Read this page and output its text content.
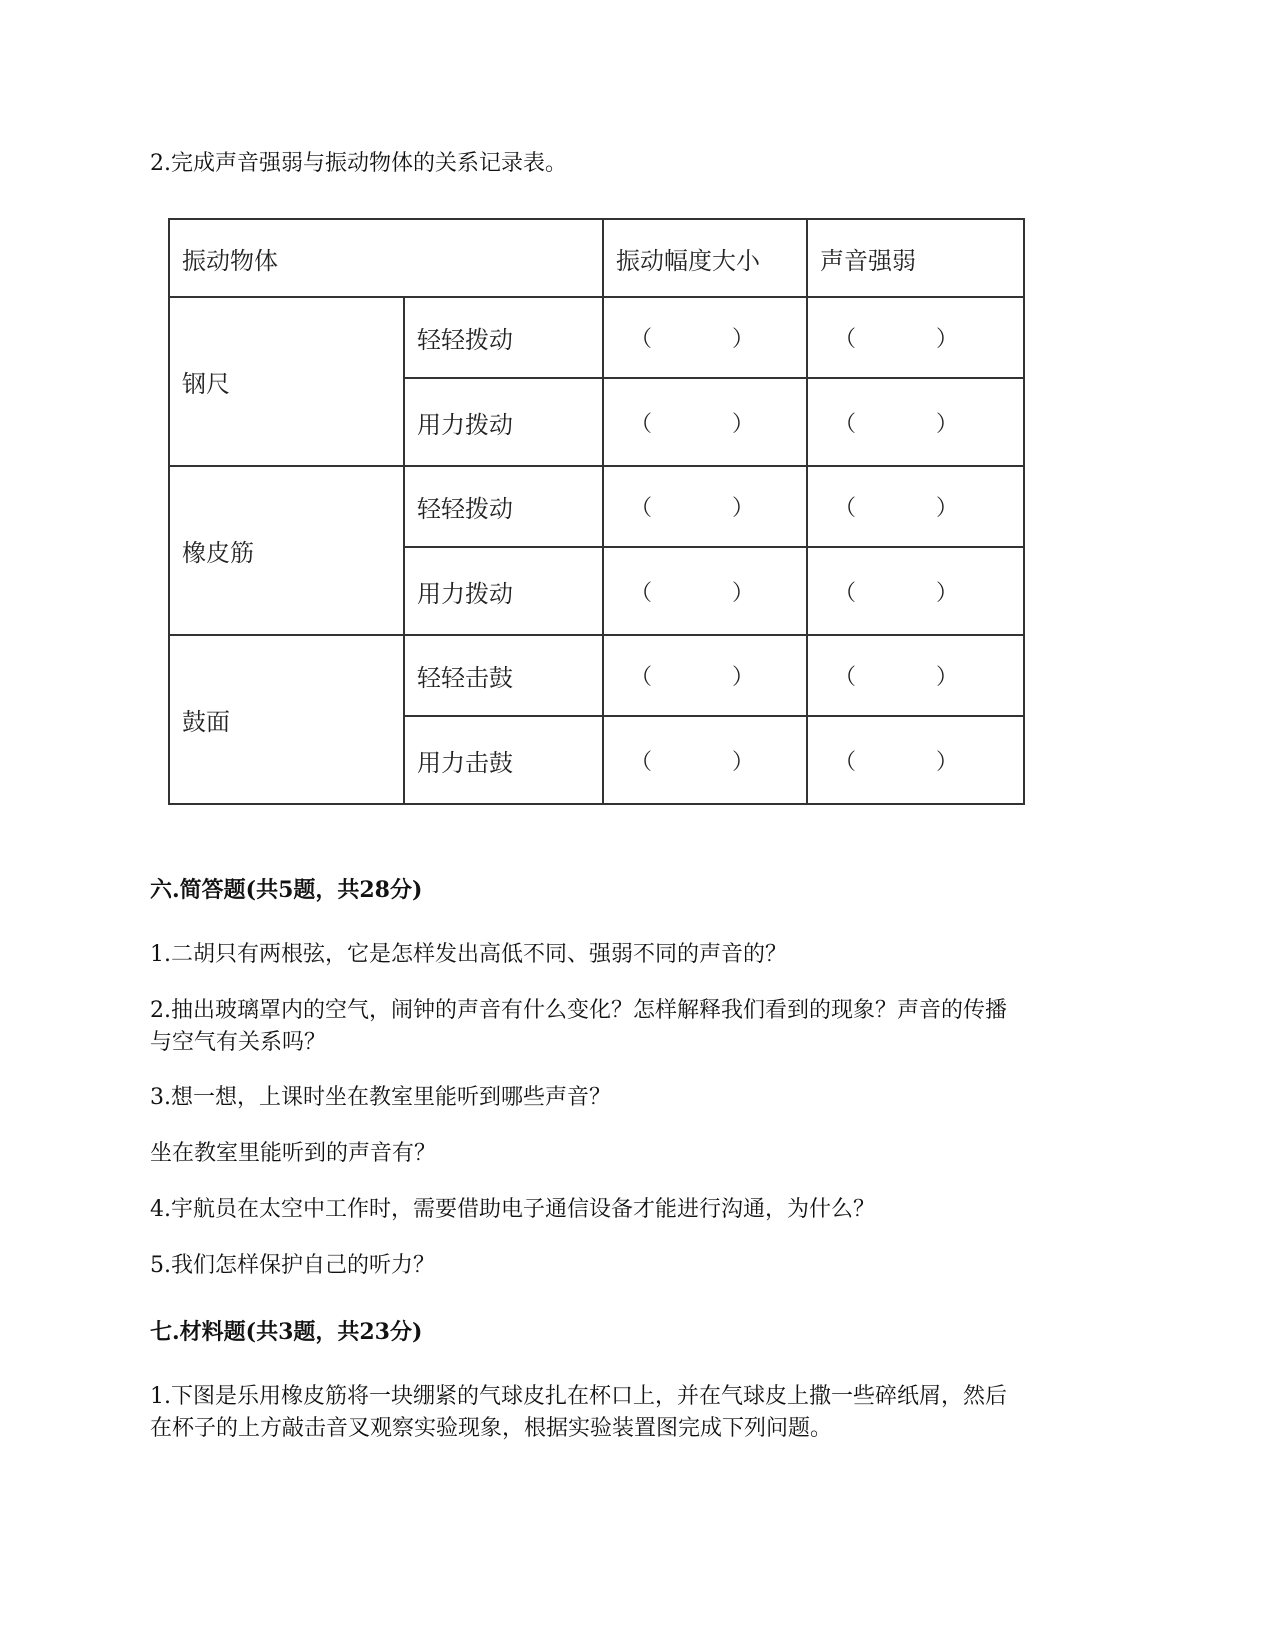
2.完成声音强弱与振动物体的关系记录表。
振动物体		振动幅度大小	声音强弱
钢尺	轻轻拨动	（ ）	（ ）
	用力拨动	（ ）	（ ）
橡皮筋	轻轻拨动	（ ）	（ ）
	用力拨动	（ ）	（ ）
鼓面	轻轻击鼓	（ ）	（ ）
	用力击鼓	（ ）	（ ）
六.简答题(共5题，共28分)
1.二胡只有两根弦，它是怎样发出高低不同、强弱不同的声音的？
2.抽出玻璃罩内的空气，闹钟的声音有什么变化？怎样解释我们看到的现象？声音的传播
与空气有关系吗？
3.想一想，上课时坐在教室里能听到哪些声音？
坐在教室里能听到的声音有？
4.宇航员在太空中工作时，需要借助电子通信设备才能进行沟通，为什么？
5.我们怎样保护自己的听力？
七.材料题(共3题，共23分)
1.下图是乐用橡皮筋将一块绷紧的气球皮扎在杯口上，并在气球皮上撒一些碎纸屑，然后
在杯子的上方敲击音叉观察实验现象，根据实验装置图完成下列问题。
